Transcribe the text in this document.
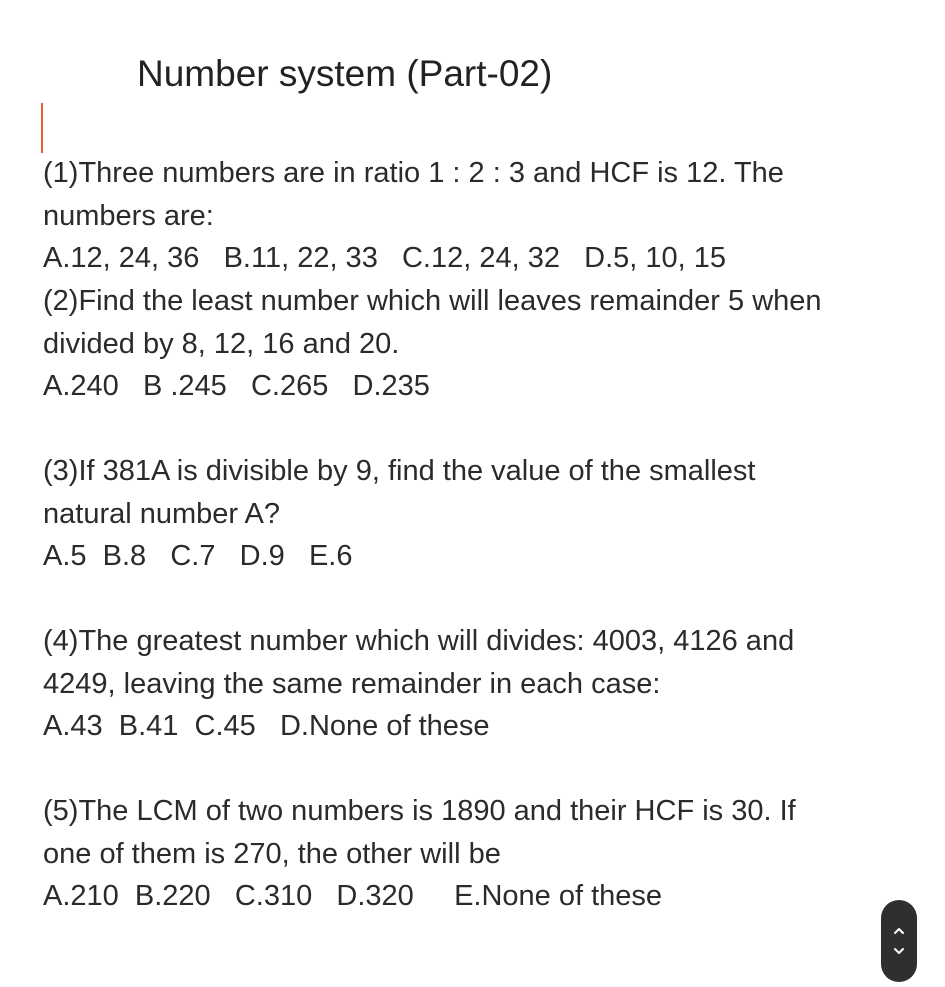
Number system (Part-02)
(1)Three numbers are in ratio 1 : 2 : 3 and HCF is 12. The
numbers are:
A.12, 24, 36   B.11, 22, 33   C.12, 24, 32   D.5, 10, 15
(2)Find the least number which will leaves remainder 5 when
divided by 8, 12, 16 and 20.
A.240   B .245   C.265   D.235
(3)If 381A is divisible by 9, find the value of the smallest
natural number A?
A.5  B.8   C.7   D.9   E.6
(4)The greatest number which will divides: 4003, 4126 and
4249, leaving the same remainder in each case:
A.43  B.41  C.45   D.None of these
(5)The LCM of two numbers is 1890 and their HCF is 30. If
one of them is 270, the other will be
A.210  B.220   C.310   D.320     E.None of these
